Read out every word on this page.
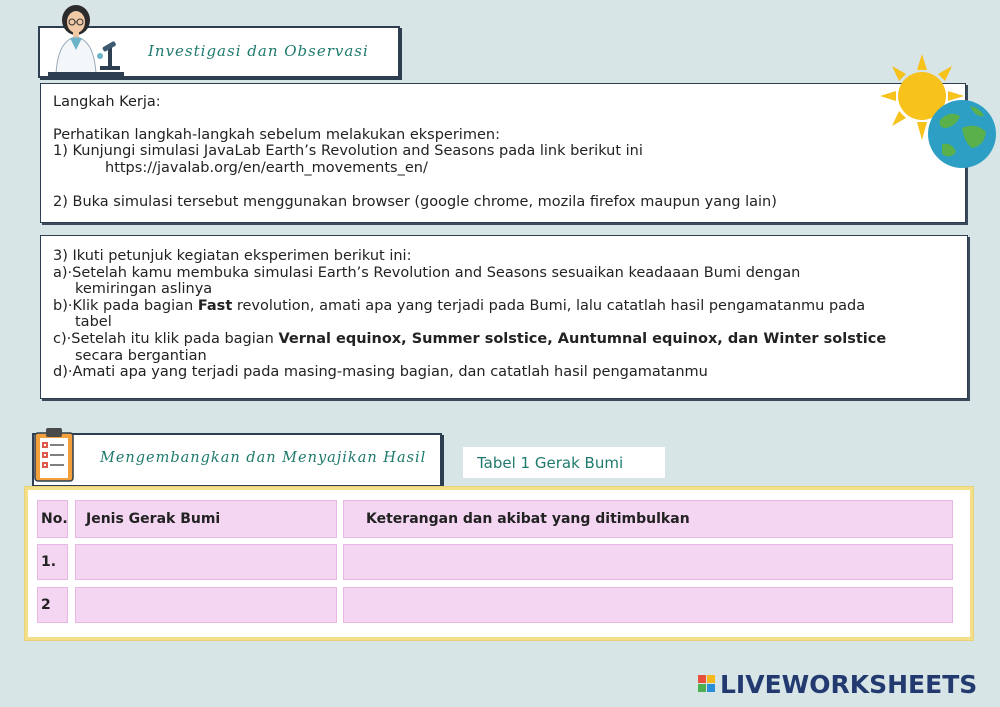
Investigasi dan Observasi

Langkah Kerja:

Perhatikan langkah-langkah sebelum melakukan eksperimen:

1) Kunjungi simulasi JavaLab Earth’s Revolution and Seasons pada link berikut ini

https://javalab.org/en/earth_movements_en/

2) Buka simulasi tersebut menggunakan browser (google chrome, mozila firefox maupun yang lain)

3) Ikuti petunjuk kegiatan eksperimen berikut ini:

a)·Setelah kamu membuka simulasi Earth’s Revolution and Seasons sesuaikan keadaaan Bumi dengan

kemiringan aslinya

b)·Klik pada bagian Fast revolution, amati apa yang terjadi pada Bumi, lalu catatlah hasil pengamatanmu pada

tabel

c)·Setelah itu klik pada bagian Vernal equinox, Summer solstice, Auntumnal equinox, dan Winter solstice

secara bergantian

d)·Amati apa yang terjadi pada masing-masing bagian, dan catatlah hasil pengamatanmu

Mengembangkan dan Menyajikan Hasil	Tabel 1 Gerak Bumi
No.	Jenis Gerak Bumi	Keterangan dan akibat yang ditimbulkan
1.
2
LIVEWORKSHEETS
